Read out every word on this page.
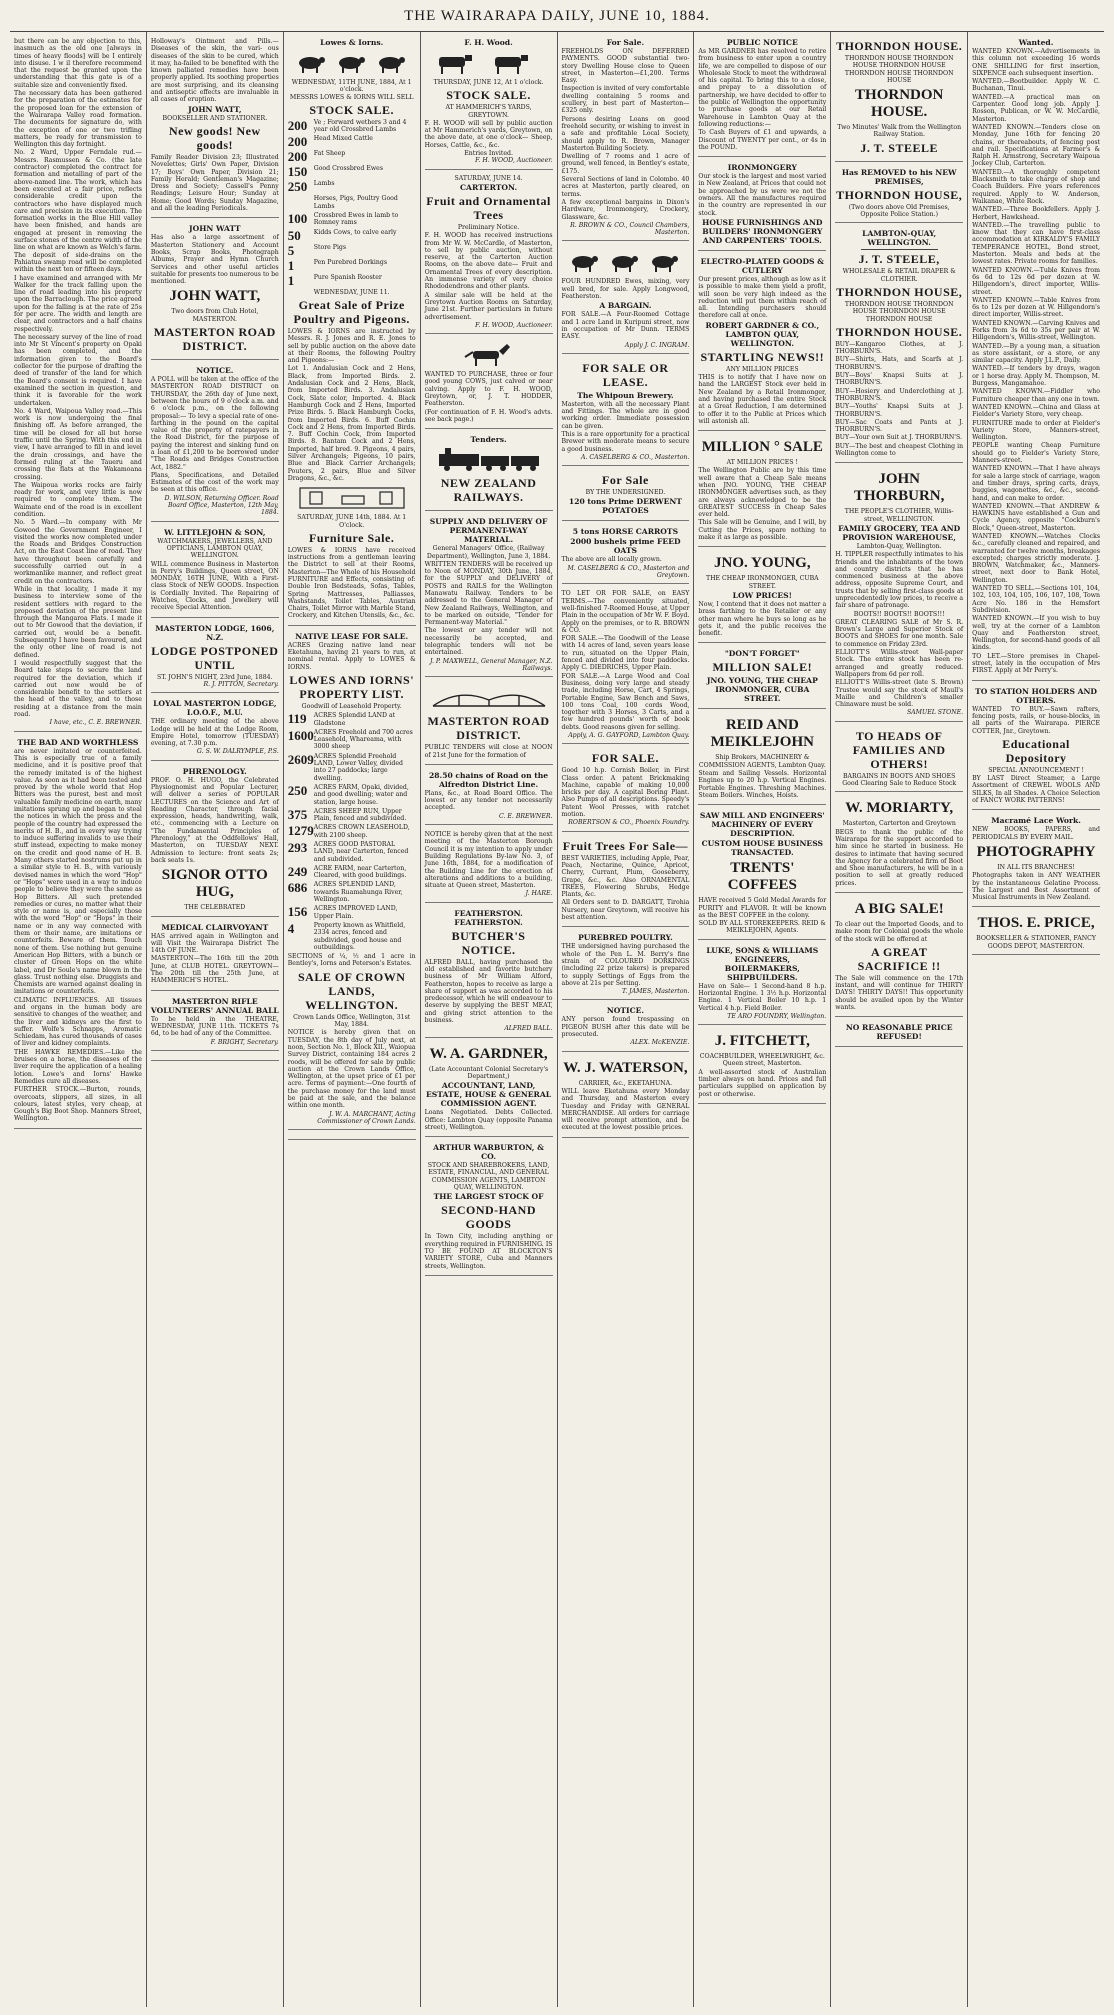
THE WAIRARAPA DAILY, JUNE 10, 1884.

but there can be any objection to this, inasmuch as the old one [always in times of heavy floods] will be I entirely into disuse. I w il therefore recommend that the request be granted upon the understanding that this gate is of a suitable size and conveniently fixed.

The necessary data has been gathered for the preparation of the estimates for the proposed loan for the extension of the Wairarapa Valley road formation. The documents for signature do, with the exception of one or two trifling matters, be ready for transmission to Wellington this day fortnight.

No. 2 Ward, Upper Ferndale rud.—Messrs. Rasmussen & Co. (the late contractor) completed the contract for formation and metalling of part of the above-named line. The work, which has been executed at a fair price, reflects considerable credit upon the contractors who have displayed much care and precision in its execution. The formation works in the Blue Hill valley have been finished, and hands are engaged at present in removing the surface stones of the centre width of the line on what are known as Welch's farm. The deposit of side-drains on the Pahiatua swamp road will be completed within the next ten or fifteen days.

I have examined and arranged with Mr Walker for the track falling upon the line of road leading into his property upon the Barraclough. The price agreed upon for the falling is at the rate of 25s for per acre. The width and length are clear, and contractors and a half chains respectively.

The necessary survey of the line of road into Mr St Vincent's property on Opaki has been completed, and the information given to the Board's collector for the purpose of drafting the deed of transfer of the land for which the Board's consent is required. I have examined the section in question, and think it is favorable for the work undertaken.

No. 4 Ward, Waipoua Valley road.—This work is now undergoing the final finishing off. As before arranged, the time will be closed for all but horse traffic until the Spring. With this end in view, I have arranged to fill in and level the drain crossings, and have the formed ruling at the Taueru and crossing the flats at the Wakamoana crossing.

The Waipoua works rocks are fairly ready for work, and very little is now required to complete them. The Waimate end of the road is in excellent condition.

No. 5 Ward.—In company with Mr Gowood the Government Engineer, I visited the works now completed under the Roads and Bridges Construction Act, on the East Coast line of road. They have throughout been carefully and successfully carried out in a workmanlike manner, and reflect great credit on the contractors.

While in that locality, I made it my business to interview some of the resident settlers with regard to the proposed deviation of the present line through the Mangaroa Flats. I made it out to Mr Gowood that the deviation, if carried out, would be a benefit. Subsequently I have been favoured, and the only other line of road is not defined.

I would respectfully suggest that the Board take steps to secure the land required for the deviation, which if carried out now would be of considerable benefit to the settlers at the head of the valley, and to those residing at a distance from the main road.

I have, etc., C. E. BREWNER.
THE BAD AND WORTHLESS

are never imitated or counterfeited. This is especially true of a family medicine, and it is positive proof that the remedy imitated is of the highest value. As soon as it had been tested and proved by the whole world that Hop Bitters was the purest, best and most valuable family medicine on earth, many imitations sprung up and began to steal the notices in which the press and the people of the country had expressed the merits of H. B., and in every way trying to induce suffering invalids to use their stuff instead, expecting to make money on the credit and good name of H. B. Many others started nostrums put up in a similar style to H. B., with variously devised names in which the word "Hop" or "Hops" were used in a way to induce people to believe they were the same as Hop Bitters. All such pretended remedies or cures, no matter what their style or name is, and especially those with the word "Hop" or "Hops" in their name or in any way connected with them or their name, are imitations or counterfeits. Beware of them. Touch none of them. Use nothing but genuine American Hop Bitters, with a bunch or cluster of Green Hops on the white label, and Dr Soule's name blown in the glass. Trust nothing else. Druggists and Chemists are warned against dealing in imitations or counterfeits.

CLIMATIC INFLUENCES. All tissues and organs in the human body are sensitive to changes of the weather, and the liver and kidneys are the first to suffer. Wolfe's Schnapps, Aromatic Schiedam, has cured thousands of cases of liver and kidney complaints.

THE HAWKE REMEDIES.—Like the bruises on a horse, the diseases of the liver require the application of a healing lotion. Lowe's and Iorns' Hawke Remedies cure all diseases.

FURTHER STOCK.—Burton, rounds, overcoats, slippers, all sizes, in all colours, latest styles, very cheap, at Gough's Big Boot Shop. Manners Street, Wellington.

Holloway's Ointment and Pills.—Diseases of the skin, the vari- ous diseases of the skin to be cured, which it may, ha-failed to be benefited with the known palliated remedies have been properly applied. Its soothing properties are most surprising, and its cleansing and antiseptic effects are invaluable in all cases of eruption.

JOHN WATT,
BOOKSELLER AND STATIONER.
New goods! New goods!

Family Reader Division 23; Illustrated Novelettes; Girls' Own Paper, Division 17; Boys' Own Paper, Division 21; Family Herald; Gentleman's Magazine; Dress and Society; Cassell's Penny Readings; Leisure Hour; Sunday at Home; Good Words; Sunday Magazine, and all the leading Periodicals.

JOHN WATT

Has also a large assortment of Masterton Stationery and Account Books, Scrap Books, Photograph Albums, Prayer and Hymn Church Services and other useful articles suitable for presents too numerous to be mentioned.

JOHN WATT,
Two doors from Club Hotel, MASTERTON.
MASTERTON ROAD DISTRICT.
NOTICE.

A POLL will be taken at the office of the MASTERTON ROAD DISTRICT on THURSDAY, the 26th day of June next, between the hours of 9 o'clock a.m. and 6 o'clock p.m., on the following proposal:— To levy a special rate of one-farthing in the pound on the capital value of the property of ratepayers in the Road District, for the purpose of paying the interest and sinking fund on a loan of £1,200 to be borrowed under "The Roads and Bridges Construction Act, 1882."

Plans, Specifications, and Detailed Estimates of the cost of the work may be seen at this office.

D. WILSON, Returning Officer. Road Board Office, Masterton, 12th May, 1884.
W. LITTLEJOHN & SON,
WATCHMAKERS, JEWELLERS, AND OPTICIANS, LAMBTON QUAY, WELLINGTON.

WILL commence Business in Masterton in Perry's Buildings, Queen street, ON MONDAY, 16TH JUNE, With a First-class Stock of NEW GOODS. Inspection is Cordially Invited. The Repairing of Watches, Clocks, and Jewellery will receive Special Attention.

MASTERTON LODGE, 1606, N.Z.
LODGE POSTPONED UNTIL
ST. JOHN'S NIGHT, 23rd June, 1884.
R. J. PITTON, Secretary.
LOYAL MASTERTON LODGE, I.O.O.F., M.U.

THE ordinary meeting of the above Lodge will be held at the Lodge Room, Empire Hotel, tomorrow (TUESDAY) evening, at 7.30 p.m.

G. S. W. DALRYMPLE, P.S.
PHRENOLOGY.

PROF. O. H. HUGO, the Celebrated Physiognomist and Popular Lecturer, will deliver a series of POPULAR LECTURES on the Science and Art of Reading Character, through facial expression, heads, handwriting, walk, etc., commencing with a Lecture on "The Fundamental Principles of Phrenology," at the Oddfellows' Hall, Masterton, on TUESDAY NEXT. Admission to lecture: front seats 2s; back seats 1s.

SIGNOR OTTO HUG,
THE CELEBRATED
MEDICAL CLAIRVOYANT

HAS arrived again in Wellington and will Visit the Wairarapa District The 14th OF JUNE.

MASTERTON—The 16th till the 20th June, at CLUB HOTEL. GREYTOWN—The 20th till the 25th June, at HAMMERICH'S HOTEL.

MASTERTON RIFLE VOLUNTEERS' ANNUAL BALL

To be held in the THEATRE, WEDNESDAY, JUNE 11th. TICKETS 7s 6d, to be had of any of the Committee.

F. BRIGHT, Secretary.
Lowes & Iorns.
WEDNESDAY, 11TH JUNE, 1884, At 1 o'clock.
MESSRS LOWES & IORNS WILL SELL
STOCK SALE.
200	Ve ; Forward wethers 3 and 4 year old Crossbred Lambs
200	Head Mixed Cattle
200	Fat Sheep
150	Good Crossbred Ewes
250	Lambs
Horses, Pigs, Poultry Good Lambs
100	Crossbred Ewes in lamb to Romney rams
50	Kidds Cows, to calve early
5	Store Pigs
1	Pen Purebred Dorkings
1	Pure Spanish Rooster
WEDNESDAY, JUNE 11.
Great Sale of Prize Poultry and Pigeons.

LOWES & IORNS are instructed by Messrs. R. J. Jones and R. E. Jones to sell by public auction on the above date at their Rooms, the following Poultry and Pigeons:—

Lot 1. Andalusian Cock and 2 Hens, Black, from Imported Birds. 2. Andalusian Cock and 2 Hens, Black, from Imported Birds. 3. Andalusian Cock, Slate color, Imported. 4. Black Hamburgh Cock and 2 Hens, Imported Prize Birds. 5. Black Hamburgh Cocks, from Imported Birds. 6. Buff Cochin Cock and 2 Hens, from Imported Birds. 7. Buff Cochin Cock, from Imported Birds. 8. Bantam Cock and 2 Hens, Imported, half bred. 9. Pigeons, 4 pairs, Silver Archangels; Pigeons, 10 pairs, Blue and Black Carrier Archangels; Pouters, 2 pairs, Blue and Silver Dragons, &c., &c.

SATURDAY, JUNE 14th, 1884. At 1 O'clock.
Furniture Sale.

LOWES & IORNS have received instructions from a gentleman leaving the District to sell at their Rooms, Masterton—The Whole of his Household FURNITURE and Effects, consisting of: Double Iron Bedsteads, Sofas, Tables, Spring Mattresses, Palliasses, Washstands, Toilet Tables, Austrian Chairs, Toilet Mirror with Marble Stand, Crockery, and Kitchen Utensils, &c., &c.

NATIVE LEASE FOR SALE.

ACRES Grazing native land near Eketahuna, having 21 years to run, at nominal rental. Apply to LOWES & IORNS.

LOWES AND IORNS' PROPERTY LIST.
Goodwill of Leasehold Property.
119	ACRES Splendid LAND at Gladstone
1600 ACRES Freehold and 700 acres Leasehold, Whareama, with 3000 sheep
2609 ACRES Splendid Freehold LAND, Lower Valley, divided into 27 paddocks; large dwelling.
250	ACRES FARM, Opaki, divided, and good dwelling; water and station, large house.
375	ACRES SHEEP RUN, Upper Plain, fenced and subdivided.
1279 ACRES CROWN LEASEHOLD, with 2100 sheep.
293	ACRES GOOD PASTORAL LAND, near Carterton, fenced and subdivided.
249	ACRE FARM, near Carterton, Cleared, with good buildings.
686	ACRES SPLENDID LAND, towards Ruamahunga River, Wellington.
156	ACRES IMPROVED LAND, Upper Plain.
4	Property known as Whitfield, 2334 acres, fenced and subdivided, good house and outbuildings.

SECTIONS of ¼, ½ and 1 acre in Bentley's, Iorns and Peterson's Estates.

SALE OF CROWN LANDS, WELLINGTON.
Crown Lands Office, Wellington, 31st May, 1884.

NOTICE is hereby given that on TUESDAY, the 8th day of July next, at noon, Section No. 1, Block XII., Waiopua Survey District, containing 184 acres 2 roods, will be offered for sale by public auction at the Crown Lands Office, Wellington, at the upset price of £1 per acre. Terms of payment:—One fourth of the purchase money for the land must be paid at the sale, and the balance within one month.

J. W. A. MARCHANT, Acting Commissioner of Crown Lands.
F. H. Wood.
THURSDAY, JUNE 12, At 1 o'clock.
STOCK SALE.
AT HAMMERICH'S YARDS, GREYTOWN.

F. H. WOOD will sell by public auction at Mr Hammerich's yards, Greytown, on the above date, at one o'clock— Sheep, Horses, Cattle, &c., &c.

Entries Invited.
F. H. WOOD, Auctioneer.
SATURDAY, JUNE 14.
CARTERTON.
Fruit and Ornamental Trees
Preliminary Notice.

F. H. WOOD has received instructions from Mr W. W. McCardle, of Masterton, to sell by public auction, without reserve, at the Carterton Auction Rooms, on the above date— Fruit and Ornamental Trees of every description. An immense variety of very choice Rhododendrons and other plants.

A similar sale will be held at the Greytown Auction Rooms on Saturday, June 21st. Further particulars in future advertisement.

F. H. WOOD, Auctioneer.

WANTED TO PURCHASE, three or four good young COWS, just calved or near calving. Apply to F. H. WOOD, Greytown, or, J. T. HODDER, Featherston.

(For continuation of F. H. Wood's advts. see back page.)

Tenders.
NEW ZEALAND RAILWAYS.
SUPPLY AND DELIVERY OF PERMANENT-WAY MATERIAL.
General Managers' Office, (Railway Department), Wellington, June 3, 1884.

WRITTEN TENDERS will be received up to Noon of MONDAY, 30th June, 1884, for the SUPPLY and DELIVERY of POSTS and RAILS for the Wellington Manawatu Railway. Tenders to be addressed to the General Manager of New Zealand Railways, Wellington, and to be marked on outside, "Tender for Permanent-way Material."

The lowest or any tender will not necessarily be accepted, and telegraphic tenders will not be entertained.

J. P. MAXWELL, General Manager, N.Z. Railways.
MASTERTON ROAD DISTRICT.

PUBLIC TENDERS will close at NOON of 21st June for the formation of

28.50 chains of Road on the Alfredton District Line.

Plans, &c., at Road Board Office. The lowest or any tender not necessarily accepted.

C. E. BREWNER.

NOTICE is hereby given that at the next meeting of the Masterton Borough Council it is my intention to apply under Building Regulations By-law No. 3, of June 16th, 1884, for a modification of the Building Line for the erection of alterations and additions to a building, situate at Queen street, Masterton.

J. HARE.
FEATHERSTON. FEATHERSTON.
BUTCHER'S NOTICE.

ALFRED BALL, having purchased the old established and favorite butchery business of Mr William Alford, Featherston, hopes to receive as large a share of support as was accorded to his predecessor, which he will endeavour to deserve by supplying the BEST MEAT, and giving strict attention to the business.

ALFRED BALL.
W. A. GARDNER,
(Late Accountant Colonial Secretary's Department,)
ACCOUNTANT, LAND, ESTATE, HOUSE & GENERAL COMMISSION AGENT.

Loans Negotiated. Debts Collected. Office: Lambton Quay (opposite Panama street), Wellington.

ARTHUR WARBURTON, & CO.
STOCK AND SHAREBROKERS, LAND, ESTATE, FINANCIAL, AND GENERAL COMMISSION AGENTS, LAMBTON QUAY, WELLINGTON.
THE LARGEST STOCK OF
SECOND-HAND GOODS

In Town City, including anything or everything required in FURNISHING. IS TO BE FOUND AT BLOCKTON'S VARIETY STORE, Cuba and Manners streets, Wellington.

For Sale.

FREEHOLDS ON DEFERRED PAYMENTS. GOOD substantial two-story Dwelling House close to Queen street, in Masterton—£1,200. Terms Easy.

Inspection is invited of very comfortable dwelling containing 5 rooms and scullery, in best part of Masterton—£325 only.

Persons desiring Loans on good freehold security, or wishing to invest in a safe and profitable Local Society, should apply to R. Brown, Manager Masterton Building Society.

Dwelling of 7 rooms and 1 acre of ground, well fenced, in Bentley's estate, £175.

Several Sections of land in Colombo. 40 acres at Masterton, partly cleared, on terms.

A few exceptional bargains in Dixon's Hardware, Ironmongery, Crockery, Glassware, &c.

R. BROWN & CO., Council Chambers, Masterton.

FOUR HUNDRED Ewes, mixing, very well bred, for sale. Apply Longwood, Featherston.

A BARGAIN.

FOR SALE.—A Four-Roomed Cottage and 1 acre Land in Kuripuni street, now in occupation of Mr Dunn. TERMS EASY.

Apply J. C. INGRAM.
FOR SALE OR LEASE.
The Whipoun Brewery.

Masterton, with all the necessary Plant and Fittings. The whole are in good working order. Immediate possession can be given.

This is a rare opportunity for a practical Brewer with moderate means to secure a good business.

A. CASELBERG & CO., Masterton.
For Sale
BY THE UNDERSIGNED.
120 tons Prime DERWENT POTATOES
5 tons HORSE CARROTS
2000 bushels prime FEED OATS

The above are all locally grown.

M. CASELBERG & CO., Masterton and Greytown.

TO LET OR FOR SALE, on EASY TERMS.—The conveniently situated, well-finished 7-Roomed House, at Upper Plain in the occupation of Mr W. F. Boyd. Apply on the premises, or to R. BROWN & CO.

FOR SALE.—The Goodwill of the Lease with 14 acres of land, seven years lease to run, situated on the Upper Plain, fenced and divided into four paddocks. Apply C. DIEDRICHS, Upper Plain.

FOR SALE.—A Large Wood and Coal Business, doing very large and steady trade, including Horse, Cart, 4 Springs, Portable Engine, Saw Bench and Saws, 100 tons Coal, 100 cords Wood, together with 3 Horses, 3 Carts, and a few hundred pounds' worth of book debts. Good reasons given for selling.

Apply, A. G. GAYFORD, Lambton Quay.
FOR SALE.

Good 10 h.p. Cornish Boiler, in First Class order. A patent Brickmaking Machine, capable of making 10,000 bricks per day. A capital Boring Plant. Also Pumps of all descriptions. Speedy's Patent Wool Presses, with ratchet motion.

ROBERTSON & CO., Phoenix Foundry.
Fruit Trees For Sale—

BEST VARIETIES, including Apple, Pear, Peach, Nectarine, Quince, Apricot, Cherry, Currant, Plum, Gooseberry, Grape, &c., &c. Also ORNAMENTAL TREES, Flowering Shrubs, Hedge Plants, &c.

All Orders sent to D. DARGATT, Tirohia Nursery, near Greytown, will receive his best attention.

PUREBRED POULTRY.

THE undersigned having purchased the whole of the Pen L. M. Berry's fine strain of COLOURED DORKINGS (including 22 prize takers) is prepared to supply Settings of Eggs from the above at 21s per Setting.

T. JAMES, Masterton.
NOTICE.

ANY person found trespassing on PIGEON BUSH after this date will be prosecuted.

ALEX. McKENZIE.
W. J. WATERSON,
CARRIER, &c., EKETAHUNA.

WILL leave Eketahuna every Monday and Thursday, and Masterton every Tuesday and Friday with GENERAL MERCHANDISE. All orders for carriage will receive prompt attention, and be executed at the lowest possible prices.

PUBLIC NOTICE

As MR GARDNER has resolved to retire from business to enter upon a country life, we are compelled to dispose of our Wholesale Stock to meet the withdrawal of his capital. To bring this to a close, and prepay to a dissolution of partnership, we have decided to offer to the public of Wellington the opportunity to purchase goods at our Retail Warehouse in Lambton Quay at the following reductions:—

To Cash Buyers of £1 and upwards, a Discount of TWENTY per cent., or 4s in the POUND.

IRONMONGERY

Our stock is the largest and most varied in New Zealand, at Prices that could not be approached by us were we not the owners. All the manufactures required in the country are represented in our stock.

HOUSE FURNISHINGS AND BUILDERS' IRONMONGERY AND CARPENTERS' TOOLS.
ELECTRO-PLATED GOODS & CUTLERY

Our present prices, although as low as it is possible to make them yield a profit, will soon be very high indeed as the reduction will put them within reach of all. Intending purchasers should therefore call at once.

ROBERT GARDNER & CO., LAMBTON QUAY, WELLINGTON.
STARTLING NEWS!!
ANY MILLION PRICES

THIS is to notify that I have now on hand the LARGEST Stock ever held in New Zealand by a Retail Ironmonger, and having purchased the entire Stock at a Great Reduction, I am determined to offer it to the Public at Prices which will astonish all.

MILLION ° SALE
AT MILLION PRICES !

The Wellington Public are by this time well aware that a Cheap Sale means when JNO. YOUNG, THE CHEAP IRONMONGER advertises such, as they are always acknowledged to be the GREATEST SUCCESS in Cheap Sales ever held.

This Sale will be Genuine, and I will, by Cutting the Prices, spare nothing to make it as large as possible.

JNO. YOUNG,
THE CHEAP IRONMONGER, CUBA STREET.
LOW PRICES!

Now, I contend that it does not matter a brass farthing to the Retailer or any other man where he buys so long as he gets it, and the public receives the benefit.

"DON'T FORGET"
MILLION SALE!
JNO. YOUNG, THE CHEAP IRONMONGER, CUBA STREET.
REID AND MEIKLEJOHN
Ship Brokers, MACHINERY & COMMISSION AGENTS, Lambton Quay.

Steam and Sailing Vessels. Horizontal Engines up to 20 h.p. Vertical Engines. Portable Engines. Threshing Machines. Steam Boilers. Winches, Hoists.

SAW MILL AND ENGINEERS' MACHINERY OF EVERY DESCRIPTION.
CUSTOM HOUSE BUSINESS TRANSACTED.
TRENTS' COFFEES

HAVE received 5 Gold Medal Awards for PURITY and FLAVOR. It will be known as the BEST COFFEE in the colony.

SOLD BY ALL STOREKEEPERS. REID & MEIKLEJOHN, Agents.
LUKE, SONS & WILLIAMS ENGINEERS, BOILERMAKERS, SHIPBUILDERS.

Have on Sale— 1 Second-hand 8 h.p. Horizontal Engine. 1 3½ h.p. Horizontal Engine. 1 Vertical Boiler 10 h.p. 1 Vertical 4 h.p. Field Boiler.

TE ARO FOUNDRY, Wellington.
J. FITCHETT,
COACHBUILDER, WHEELWRIGHT, &c. Queen street, Masterton.

A well-assorted stock of Australian timber always on hand. Prices and full particulars supplied on application by post or otherwise.

THORNDON HOUSE.
THORNDON HOUSE THORNDON HOUSE THORNDON HOUSE THORNDON HOUSE THORNDON HOUSE
THORNDON HOUSE.
Two Minutes' Walk from the Wellington Railway Station.
J. T. STEELE
Has REMOVED to his NEW PREMISES,
THORNDON HOUSE,
(Two doors above Old Premises, Opposite Police Station.)
LAMBTON-QUAY, WELLINGTON.
J. T. STEELE,
WHOLESALE & RETAIL DRAPER & CLOTHIER.
THORNDON HOUSE,
THORNDON HOUSE THORNDON HOUSE THORNDON HOUSE THORNDON HOUSE
THORNDON HOUSE.

BUY—Kangaroo Clothes, at J. THORBURN'S.

BUY—Shirts, Hats, and Scarfs at J. THORBURN'S.

BUY—Boys' Knapsi Suits at J. THORBURN'S.

BUY—Hosiery and Underclothing at J. THORBURN'S.

BUY—Youths' Knapsi Suits at J. THORBURN'S.

BUY—Sac Coats and Pants at J. THORBURN'S.

BUY—Your own Suit at J. THORBURN'S.

BUY—The best and cheapest Clothing in Wellington come to

JOHN THORBURN,
THE PEOPLE'S CLOTHIER, Willis-street, WELLINGTON.
FAMILY GROCERY, TEA AND PROVISION WAREHOUSE,
Lambton-Quay, Wellington.

H. TIPPLER respectfully intimates to his friends and the inhabitants of the town and country districts that he has commenced business at the above address, opposite Supreme Court, and trusts that by selling first-class goods at unprecedentedly low prices, to receive a fair share of patronage.

BOOTS!! BOOTS!! BOOTS!!!

GREAT CLEARING SALE of Mr S. R. Brown's Large and Superior Stock of BOOTS and SHOES for one month. Sale to commence on Friday 23rd.

ELLIOTT'S Willis-street Wall-paper Stock. The entire stock has been re-arranged and greatly reduced. Wallpapers from 6d per roll.

ELLIOTT'S Willis-street (late S. Brown) Trustee would say the stock of Maull's Maille and Children's smaller Chinaware must be sold.

SAMUEL STONE.
TO HEADS OF FAMILIES AND OTHERS!
BARGAINS IN BOOTS AND SHOES
Good Clearing Sale to Reduce Stock
W. MORIARTY,
Masterton, Carterton and Greytown

BEGS to thank the public of the Wairarapa for the support accorded to him since he started in business. He desires to intimate that having secured the Agency for a celebrated firm of Boot and Shoe manufacturers, he will be in a position to sell at greatly reduced prices.

A BIG SALE!

To clear out the Imported Goods, and to make room for Colonial goods the whole of the stock will be offered at

A GREAT SACRIFICE !!

The Sale will commence on the 17th instant, and will continue for THIRTY DAYS! THIRTY DAYS!! This opportunity should be availed upon by the Winter wants.

NO REASONABLE PRICE REFUSED!
Wanted.

WANTED KNOWN.—Advertisements in this column not exceeding 16 words ONE SHILLING for first insertion, SIXPENCE each subsequent insertion.

WANTED.—Bootbuilder. Apply W. C. Buchanan, Tinui.

WANTED.—A practical man on Carpenter. Good long job. Apply J. Rosson, Publican, or W. W. McCardle, Masterton.

WANTED KNOWN.—Tenders close on Monday, June 16th for fencing 20 chains, or thereabouts, of fencing post and rail. Specifications at Farmer's & Ralph H. Armstrong, Secretary Waipoua Jockey Club, Carterton.

WANTED.—A thoroughly competent Blacksmith to take charge of shop and Coach Builders. Five years references required. Apply to W. Anderson, Waikanae, White Rock.

WANTED.—Three Bookfellers. Apply J. Herbert, Hawkshead.

WANTED.—The travelling public to know that they can have first-class accommodation at KIRKALDY'S FAMILY TEMPERANCE HOTEL, Bond street, Masterton. Meals and beds at the lowest rates. Private rooms for families.

WANTED KNOWN.—Tuble Knives from 6s 6d to 12s 6d per dozen at W. Hillgendorn's, direct importer, Willis-street.

WANTED KNOWN.—Table Knives from 6s to 12s per dozen at W. Hillgendorn's direct importer, Willis-street.

WANTED KNOWN.—Carving Knives and Forks from 3s 6d to 35s per pair at W. Hillgendorn's, Willis-street, Wellington.

WANTED.—By a young man, a situation as store assistant, or a store, or any similar capacity. Apply J.L.P., Daily.

WANTED.—If tenders by drays, wagon or 1 horse dray. Apply M. Thompson, M. Burgess, Mangamahoe.

WANTED KNOWN.—Fiddler who Furniture cheaper than any one in town.

WANTED KNOWN.—China and Glass at Fielder's Variety Store, very cheap.

FURNITURE made to order at Fielder's Variety Store, Manners-street, Wellington.

PEOPLE wanting Cheap Furniture should go to Fielder's Variety Store, Manners-street.

WANTED KNOWN.—That I have always for sale a large stock of carriage, wagon and timber drays, spring carts, drays, buggies, wagonettes, &c., &c., second-hand, and can make to order.

WANTED KNOWN.—That ANDREW & HAWKINS have established a Gun and Cycle Agency, opposite "Cockburn's Block," Queen-street, Masterton.

WANTED KNOWN.—Watches Clocks &c., carefully cleaned and repaired, and warranted for twelve months, breakages excepted; charges strictly moderate. J. BROWN, Watchmaker, &c., Manners-street, next door to Bank Hotel, Wellington.

WANTED TO SELL.—Sections 101, 104, 102, 103, 104, 105, 106, 107, 108, Town Acre No. 186 in the Hemsfort Subdivision.

WANTED KNOWN.—If you wish to buy well, try at the corner of a Lambton Quay and Featherston street, Wellington, for second-hand goods of all kinds.

TO LET.—Store premises in Chapel-street, lately in the occupation of Mrs FIRST. Apply at Mr Perry's.

TO STATION HOLDERS AND OTHERS.

WANTED TO BUY.—Sawn rafters, fencing posts, rails, or house-blocks, in all parts of the Wairarapa. PIERCE COTTER, Jnr., Greytown.

Educational Depository
SPECIAL ANNOUNCEMENT !

BY LAST Direct Steamer, a Large Assortment of CREWEL WOOLS AND SILKS, In all Shades. A Choice Selection of FANCY WORK PATTERNS!

Macramé Lace Work.

NEW BOOKS, PAPERS, and PERIODICALS BY EVERY MAIL.

PHOTOGRAPHY
IN ALL ITS BRANCHES!

Photographs taken in ANY WEATHER by the instantaneous Gelatine Process. The Largest and Best Assortment of Musical Instruments in New Zealand.

THOS. E. PRICE,
BOOKSELLER & STATIONER, FANCY GOODS DEPOT, MASTERTON.
